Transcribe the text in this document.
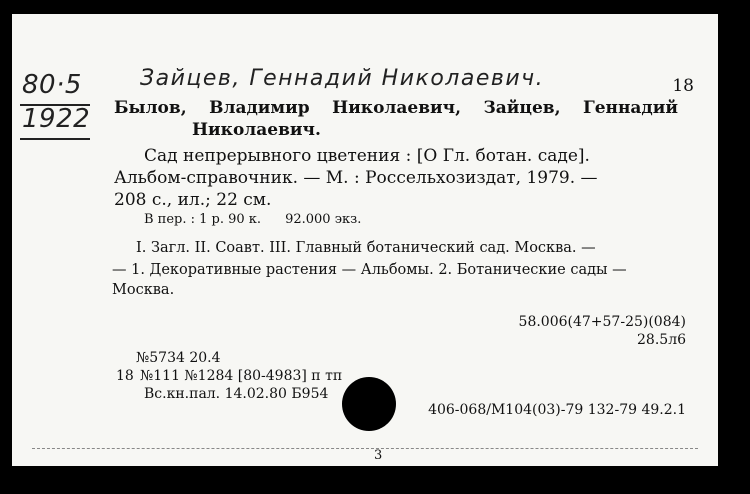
80·5
1922
Зайцев, Геннадий Николаевич.	18
Былов, Владимир Николаевич, Зайцев, Геннадий
Николаевич.
Сад непрерывного цветения : [О Гл. ботан. саде].
Альбом-справочник. — М. : Россельхозиздат, 1979. —
208 с., ил.; 22 см.
В пер. : 1 р. 90 к. 92.000 экз.
I. Загл. II. Соавт. III. Главный ботанический сад. Москва. —
— 1. Декоративные растения — Альбомы. 2. Ботанические сады —
Москва.
58.006(47+57-25)(084)
28.5л6
№5734 20.4
18 №111 №1284 [80-4983] п тп
Вс.кн.пал. 14.02.80 Б954
406-068/М104(03)-79 132-79 49.2.1
3
